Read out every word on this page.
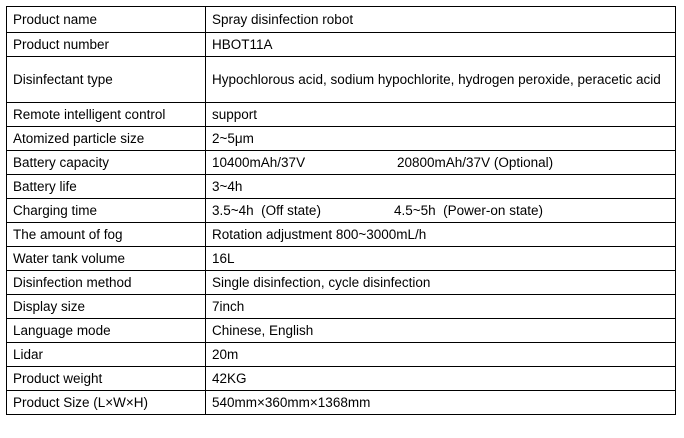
Product name	Spray disinfection robot
Product number	HBOT11A
Disinfectant type	Hypochlorous acid, sodium hypochlorite, hydrogen peroxide, peracetic acid
Remote intelligent control	support
Atomized particle size	2~5μm
Battery capacity	10400mAh/37V 20800mAh/37V (Optional)
Battery life	3~4h
Charging time	3.5~4h  (Off state) 4.5~5h  (Power-on state)
The amount of fog	Rotation adjustment 800~3000mL/h
Water tank volume	16L
Disinfection method	Single disinfection, cycle disinfection
Display size	7inch
Language mode	Chinese, English
Lidar	20m
Product weight	42KG
Product Size (L×W×H)	540mm×360mm×1368mm
